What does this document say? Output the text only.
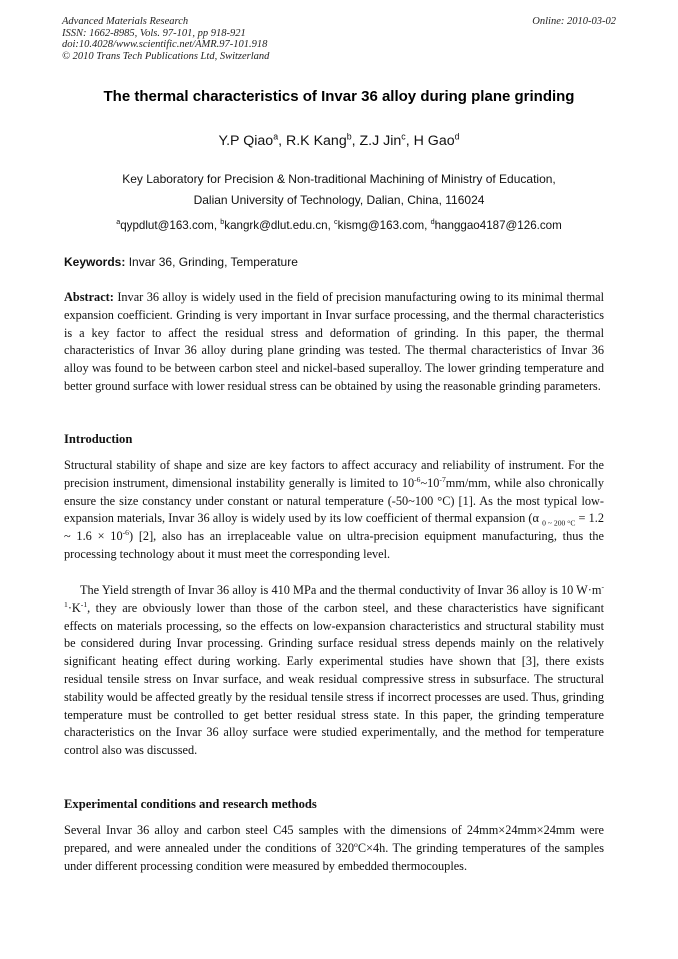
Advanced Materials Research
ISSN: 1662-8985, Vols. 97-101, pp 918-921
doi:10.4028/www.scientific.net/AMR.97-101.918
© 2010 Trans Tech Publications Ltd, Switzerland
Online: 2010-03-02
The thermal characteristics of Invar 36 alloy during plane grinding
Y.P Qiao$^a$, R.K Kang$^b$, Z.J Jin$^c$, H Gao$^d$
Key Laboratory for Precision & Non-traditional Machining of Ministry of Education,
Dalian University of Technology, Dalian, China, 116024
$^a$qypdlut@163.com, $^b$kangrk@dlut.edu.cn, $^c$kismg@163.com, $^d$hanggao4187@126.com
Keywords: Invar 36, Grinding, Temperature

Abstract: Invar 36 alloy is widely used in the field of precision manufacturing owing to its minimal thermal expansion coefficient. Grinding is very important in Invar surface processing, and the thermal characteristics is a key factor to affect the residual stress and deformation of grinding. In this paper, the thermal characteristics of Invar 36 alloy during plane grinding was tested. The thermal characteristics of Invar 36 alloy was found to be between carbon steel and nickel-based superalloy. The lower grinding temperature and better ground surface with lower residual stress can be obtained by using the reasonable grinding parameters.

Introduction

Structural stability of shape and size are key factors to affect accuracy and reliability of instrument. For the precision instrument, dimensional instability generally is limited to $10^{-6}\sim 10^{-7}mm/mm$, while also chronically ensure the size constancy under constant or natural temperature (-50~100 °C) [1]. As the most typical low-expansion materials, Invar 36 alloy is widely used by its low coefficient of thermal expansion (α $_{0 \sim 200 ^\circ C}$ = 1.2 ~ $1.6 \times 10^{-6}$) [2], also has an irreplaceable value on ultra-precision equipment manufacturing, thus the processing technology about it must meet the corresponding level.

The Yield strength of Invar 36 alloy is 410 MPa and the thermal conductivity of Invar 36 alloy is 10 $W\cdot m^{-1}\cdot K^{-1}$, they are obviously lower than those of the carbon steel, and these characteristics have significant effects on materials processing, so the effects on low-expansion characteristics and structural stability must be considered during Invar processing. Grinding surface residual stress depends mainly on the relatively significant heating effect during working. Early experimental studies have shown that [3], there exists residual tensile stress on Invar surface, and weak residual compressive stress in subsurface. The structural stability would be affected greatly by the residual tensile stress if incorrect processes are used. Thus, grinding temperature must be controlled to get better residual stress state. In this paper, the grinding temperature characteristics on the Invar 36 alloy surface were studied experimentally, and the method for temperature control also was discussed.

Experimental conditions and research methods

Several Invar 36 alloy and carbon steel C45 samples with the dimensions of 24mm×24mm×24mm were prepared, and were annealed under the conditions of $320^oC\times 4h$. The grinding temperatures of the samples under different processing condition were measured by embedded thermocouples.
